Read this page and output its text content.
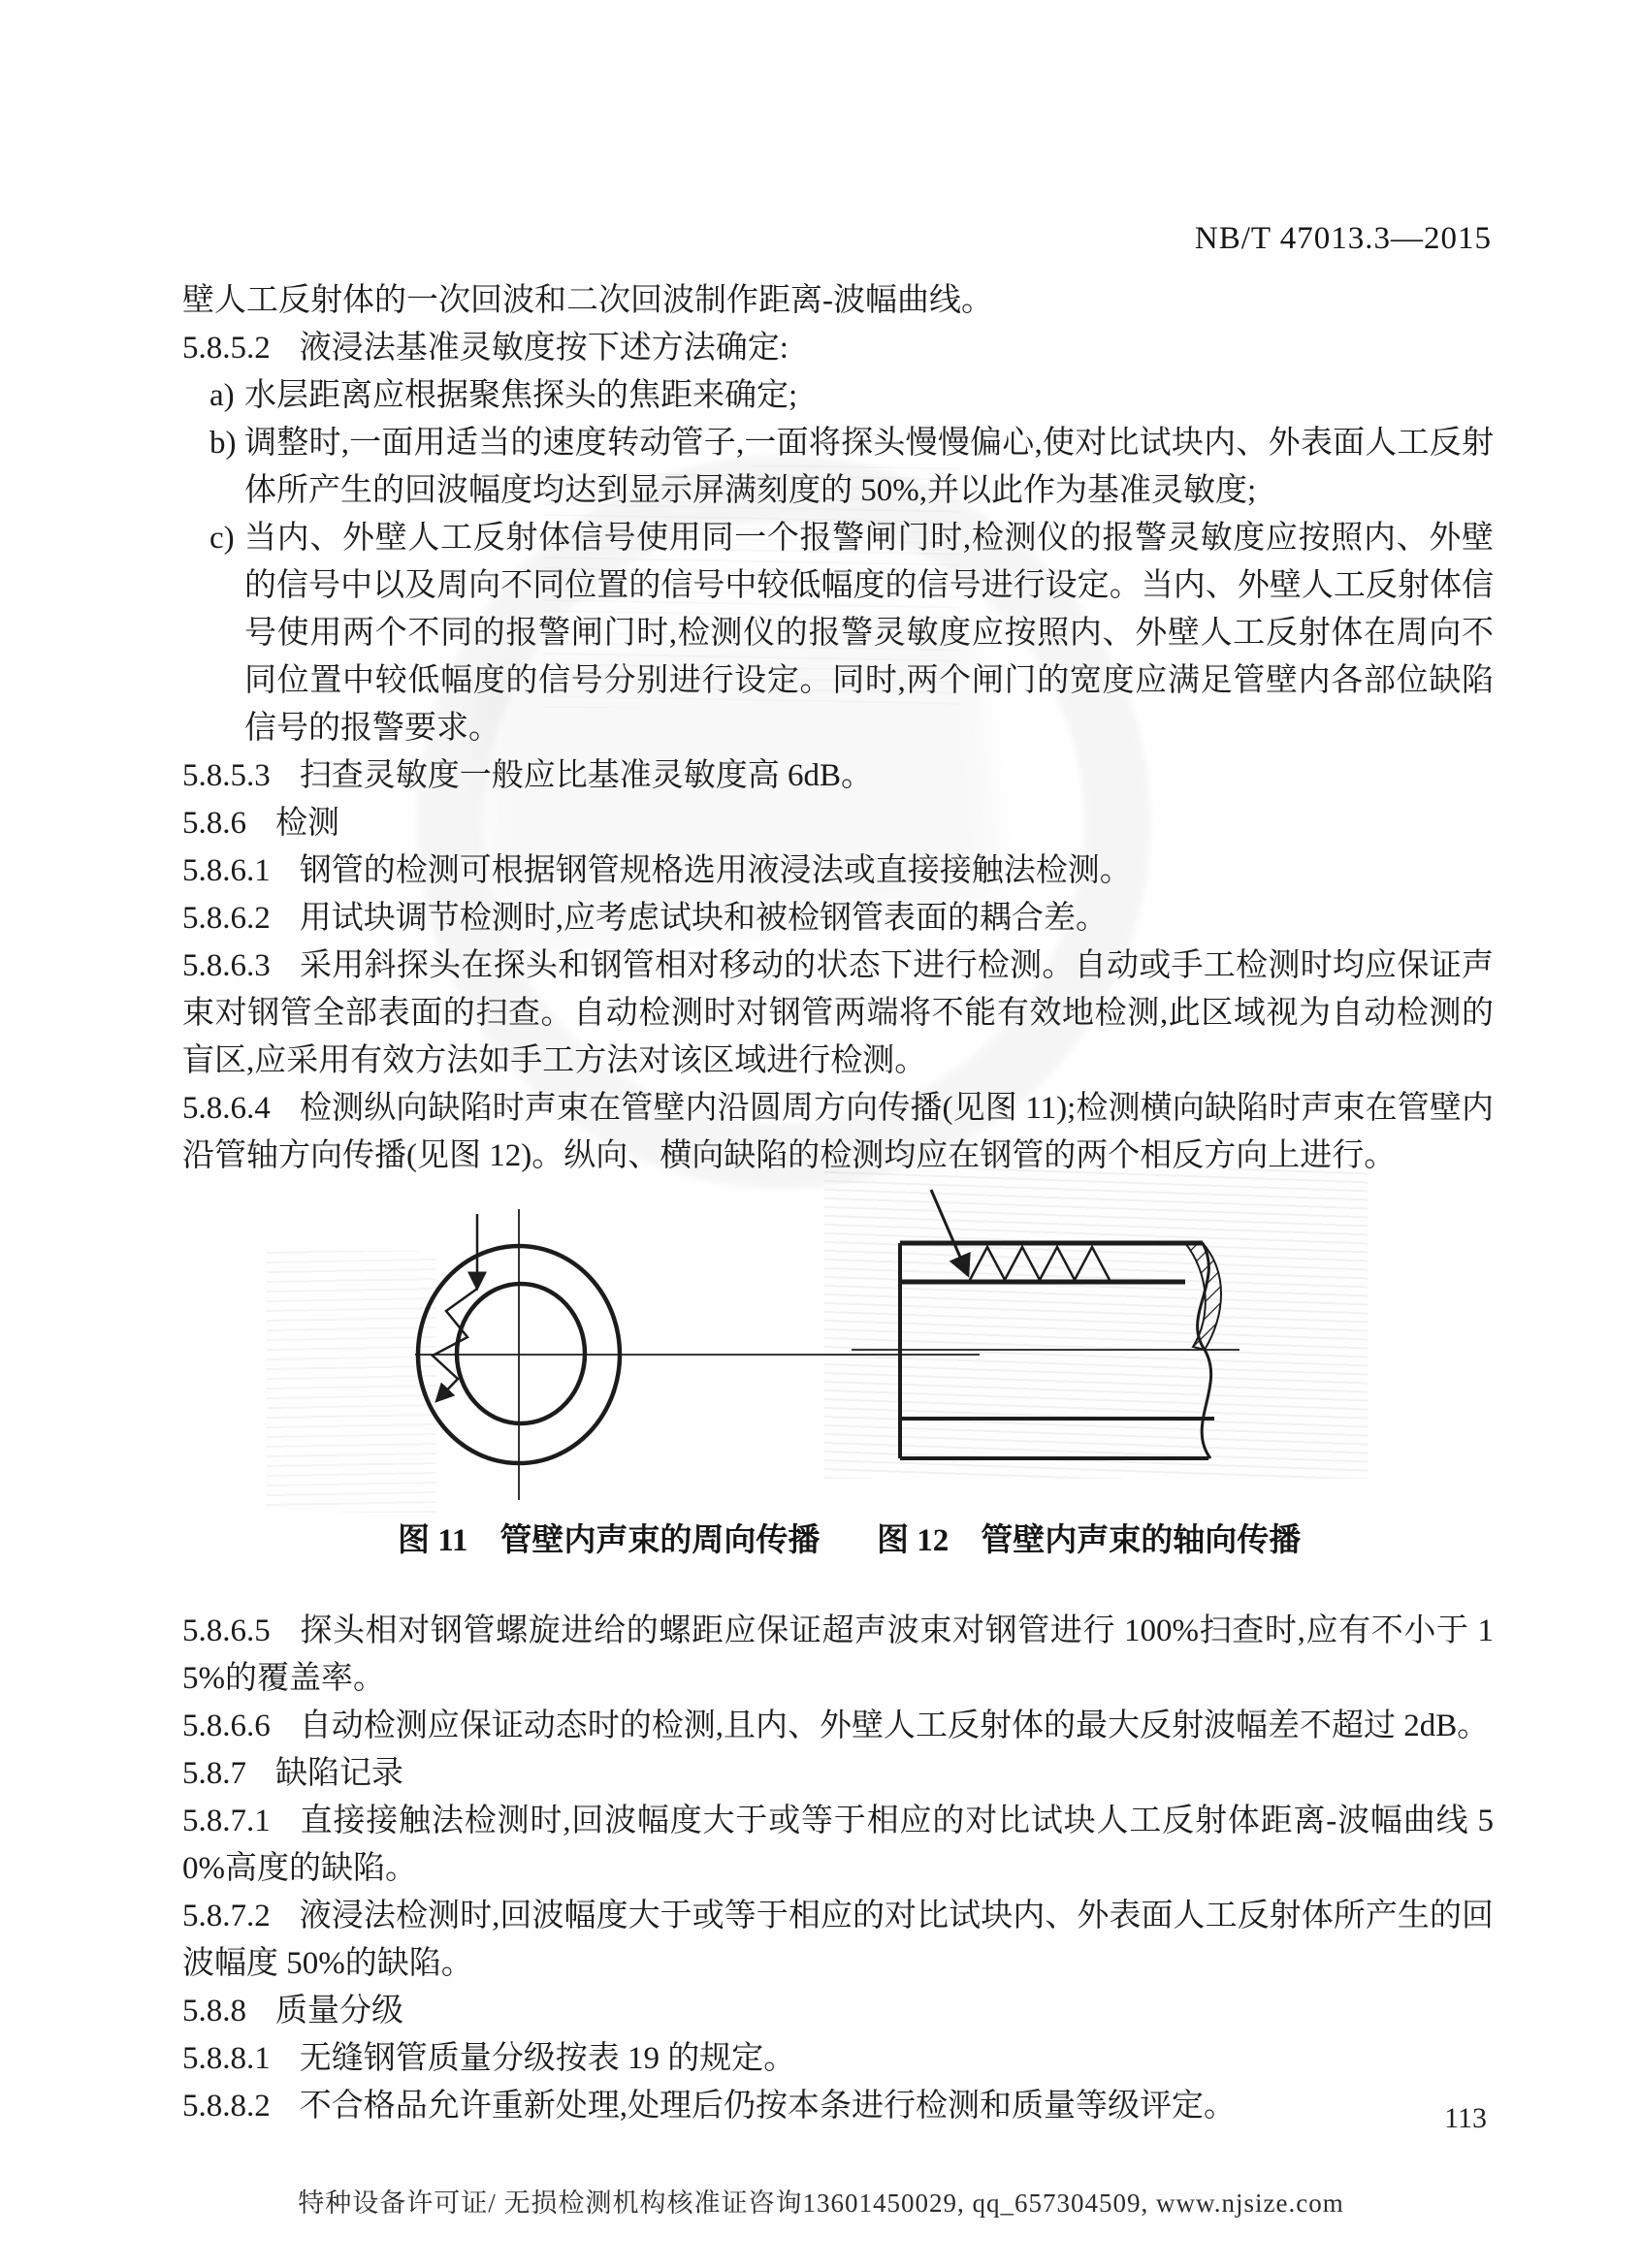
NB/T 47013.3—2015

壁人工反射体的一次回波和二次回波制作距离-波幅曲线。

5.8.5.2 液浸法基准灵敏度按下述方法确定:

a) 水层距离应根据聚焦探头的焦距来确定;

b) 调整时,一面用适当的速度转动管子,一面将探头慢慢偏心,使对比试块内、外表面人工反射体所产生的回波幅度均达到显示屏满刻度的 50%,并以此作为基准灵敏度;

c) 当内、外壁人工反射体信号使用同一个报警闸门时,检测仪的报警灵敏度应按照内、外壁的信号中以及周向不同位置的信号中较低幅度的信号进行设定。当内、外壁人工反射体信号使用两个不同的报警闸门时,检测仪的报警灵敏度应按照内、外壁人工反射体在周向不同位置中较低幅度的信号分别进行设定。同时,两个闸门的宽度应满足管壁内各部位缺陷信号的报警要求。

5.8.5.3 扫查灵敏度一般应比基准灵敏度高 6dB。

5.8.6 检测

5.8.6.1 钢管的检测可根据钢管规格选用液浸法或直接接触法检测。

5.8.6.2 用试块调节检测时,应考虑试块和被检钢管表面的耦合差。

5.8.6.3 采用斜探头在探头和钢管相对移动的状态下进行检测。自动或手工检测时均应保证声束对钢管全部表面的扫查。自动检测时对钢管两端将不能有效地检测,此区域视为自动检测的盲区,应采用有效方法如手工方法对该区域进行检测。

5.8.6.4 检测纵向缺陷时声束在管壁内沿圆周方向传播(见图 11);检测横向缺陷时声束在管壁内沿管轴方向传播(见图 12)。纵向、横向缺陷的检测均应在钢管的两个相反方向上进行。

图 11　管壁内声束的周向传播 图 12　管壁内声束的轴向传播

5.8.6.5 探头相对钢管螺旋进给的螺距应保证超声波束对钢管进行 100%扫查时,应有不小于 15%的覆盖率。

5.8.6.6 自动检测应保证动态时的检测,且内、外壁人工反射体的最大反射波幅差不超过 2dB。

5.8.7 缺陷记录

5.8.7.1 直接接触法检测时,回波幅度大于或等于相应的对比试块人工反射体距离-波幅曲线 50%高度的缺陷。

5.8.7.2 液浸法检测时,回波幅度大于或等于相应的对比试块内、外表面人工反射体所产生的回波幅度 50%的缺陷。

5.8.8 质量分级

5.8.8.1 无缝钢管质量分级按表 19 的规定。

5.8.8.2 不合格品允许重新处理,处理后仍按本条进行检测和质量等级评定。	113
特种设备许可证/ 无损检测机构核准证咨询13601450029, qq_657304509, www.njsize.com
